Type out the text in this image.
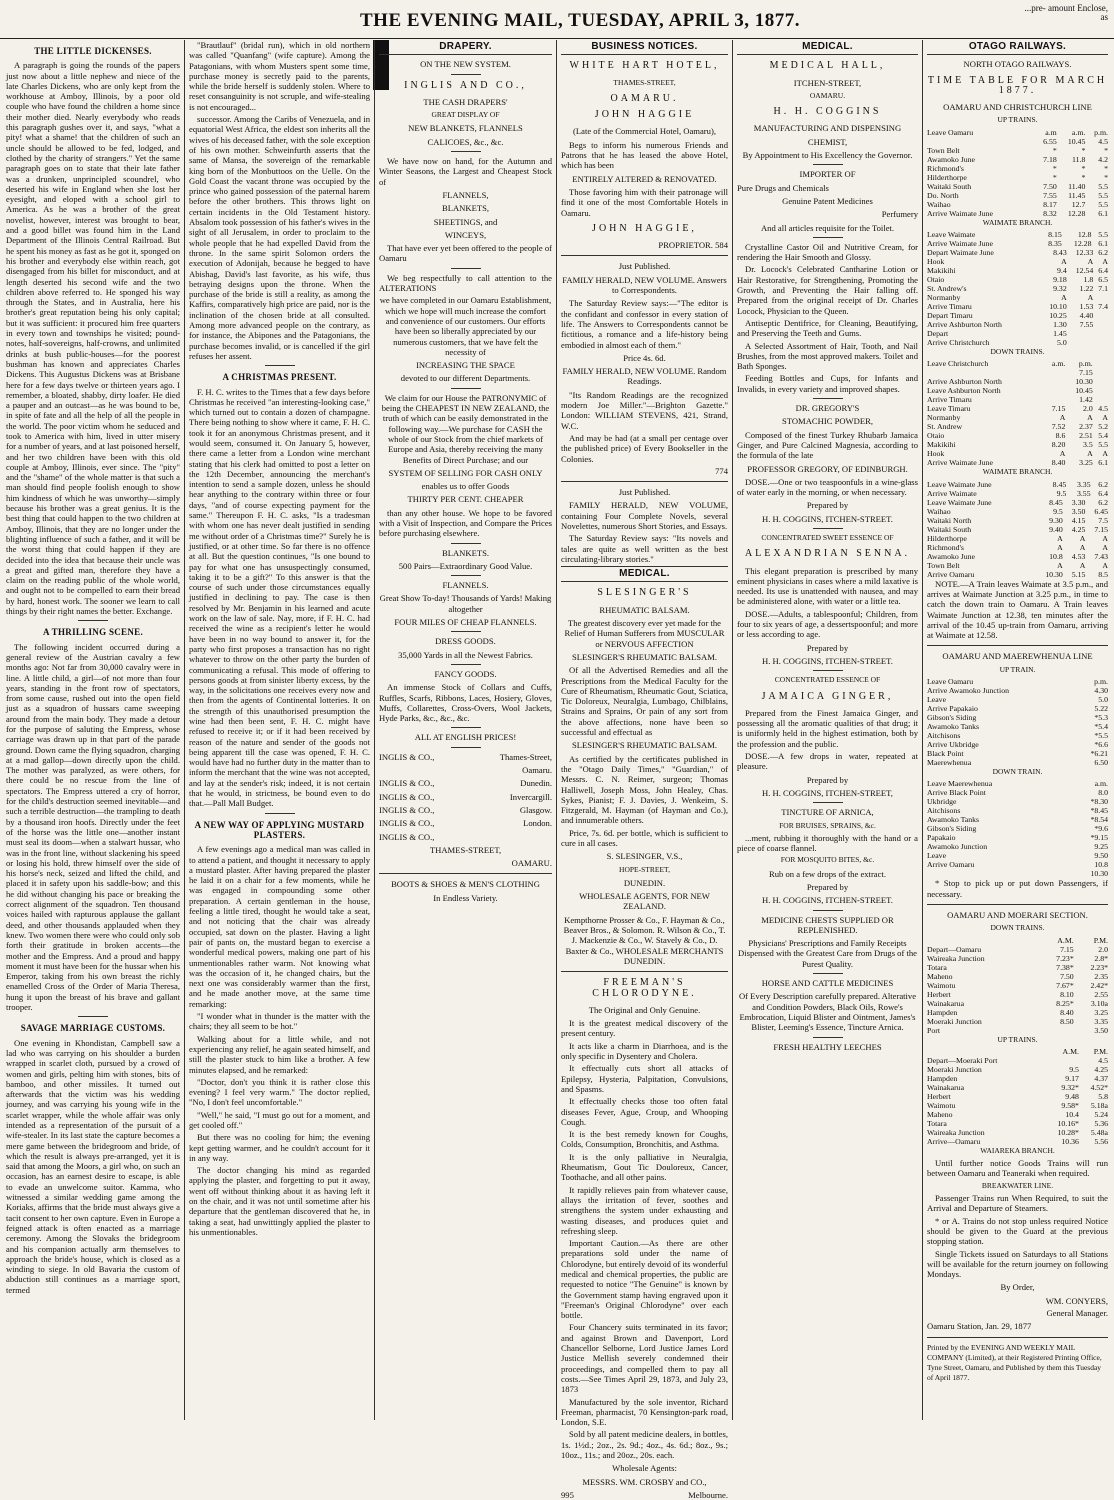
THE EVENING MAIL, TUESDAY, APRIL 3, 1877.
...pre- amount Enclose, as
THE LITTLE DICKENSES.

A paragraph is going the rounds of the papers just now about a little nephew and niece of the late Charles Dickens, who are only kept from the workhouse at Amboy, Illinois, by a poor old couple who have found the children a home since their mother died. Nearly everybody who reads this paragraph gushes over it, and says, "what a pity! what a shame! that the children of such an uncle should be allowed to be fed, lodged, and clothed by the charity of strangers." Yet the same paragraph goes on to state that their late father was a drunken, unprincipled scoundrel, who deserted his wife in England when she lost her eyesight, and eloped with a school girl to America. As he was a brother of the great novelist, however, interest was brought to bear, and a good billet was found him in the Land Department of the Illinois Central Railroad. But he spent his money as fast as he got it, sponged on his brother and everybody else within reach, got disengaged from his billet for misconduct, and at length deserted his second wife and the two children above referred to. He sponged his way through the States, and in Australia, here his brother's great reputation being his only capital; but it was sufficient: it procured him free quarters in every town and townships he visited; pound-notes, half-sovereigns, half-crowns, and unlimited drinks at bush public-houses—for the poorest bushman has known and appreciates Charles Dickens. This Augustus Dickens was at Brisbane here for a few days twelve or thirteen years ago. I remember, a bloated, shabby, dirty loafer. He died a pauper and an outcast—as he was bound to be, in spite of fate and all the help of all the people in the world. The poor victim whom he seduced and took to America with him, lived in utter misery for a number of years, and at last poisoned herself, and her two children have been with this old couple at Amboy, Illinois, ever since. The "pity" and the "shame" of the whole matter is that such a man should find people foolish enough to show him kindness of which he was unworthy—simply because his brother was a great genius. It is the best thing that could happen to the two children at Amboy, Illinois, that they are no longer under the blighting influence of such a father, and it will be the worst thing that could happen if they are decided into the idea that because their uncle was a great and gifted man, therefore they have a claim on the reading public of the whole world, and ought not to be compelled to earn their bread by hard, honest work. The sooner we learn to call things by their right names the better. Exchange.

A THRILLING SCENE.

The following incident occurred during a general review of the Austrian cavalry a few months ago: Not far from 30,000 cavalry were in line. A little child, a girl—of not more than four years, standing in the front row of spectators, from some cause, rushed out into the open field just as a squadron of hussars came sweeping around from the main body. They made a detour for the purpose of saluting the Empress, whose carriage was drawn up in that part of the parade ground. Down came the flying squadron, charging at a mad gallop—down directly upon the child. The mother was paralyzed, as were others, for there could be no rescue from the line of spectators. The Empress uttered a cry of horror, for the child's destruction seemed inevitable—and such a terrible destruction—the trampling to death by a thousand iron hoofs. Directly under the feet of the horse was the little one—another instant must seal its doom—when a stalwart hussar, who was in the front line, without slackening his speed or losing his hold, threw himself over the side of his horse's neck, seized and lifted the child, and placed it in safety upon his saddle-bow; and this he did without changing his pace or breaking the correct alignment of the squadron. Ten thousand voices hailed with rapturous applause the gallant deed, and other thousands applauded when they knew. Two women there were who could only sob forth their gratitude in broken accents—the mother and the Empress. And a proud and happy moment it must have been for the hussar when his Emperor, taking from his own breast the richly enamelled Cross of the Order of Maria Theresa, hung it upon the breast of his brave and gallant trooper.

SAVAGE MARRIAGE CUSTOMS.

One evening in Khondistan, Campbell saw a lad who was carrying on his shoulder a burden wrapped in scarlet cloth, pursued by a crowd of women and girls, pelting him with stones, bits of bamboo, and other missiles. It turned out afterwards that the victim was his wedding journey, and was carrying his young wife in the scarlet wrapper, while the whole affair was only intended as a representation of the pursuit of a wife-stealer. In its last state the capture becomes a mere game between the bridegroom and bride, of which the result is always pre-arranged, yet it is said that among the Moors, a girl who, on such an occasion, has an earnest desire to escape, is able to evade an unwelcome suitor. Kamma, who witnessed a similar wedding game among the Koriaks, affirms that the bride must always give a tacit consent to her own capture. Even in Europe a feigned attack is often enacted as a marriage ceremony. Among the Slovaks the bridegroom and his companion actually arm themselves to approach the bride's house, which is closed as a winding to siege. In old Bavaria the custom of abduction still continues as a marriage sport, termed

"Brautlauf" (bridal run), which in old northern was called "Quanfang" (wife capture). Among the Patagonians, with whom Musters spent some time, purchase money is secretly paid to the parents, while the bride herself is suddenly stolen. Where to reset consanguinity is not scruple, and wife-stealing is not encouraged...

successor. Among the Caribs of Venezuela, and in equatorial West Africa, the eldest son inherits all the wives of his deceased father, with the sole exception of his own mother. Schweinfurth asserts that the same of Mansa, the sovereign of the remarkable king born of the Monbuttoos on the Uelle. On the Gold Coast the vacant throne was occupied by the prince who gained possession of the paternal harem before the other brothers. This throws light on certain incidents in the Old Testament history. Absalom took possession of his father's wives in the sight of all Jerusalem, in order to proclaim to the whole people that he had expelled David from the throne. In the same spirit Solomon orders the execution of Adonijah, because he begged to have Abishag, David's last favorite, as his wife, thus betraying designs upon the throne. When the purchase of the bride is still a reality, as among the Kaffirs, comparatively high price are paid, nor is the inclination of the chosen bride at all consulted. Among more advanced people on the contrary, as for instance, the Abipones and the Patagonians, the purchase becomes invalid, or is cancelled if the girl refuses her assent.

A CHRISTMAS PRESENT.

F. H. C. writes to the Times that a few days before Christmas he received "an interesting-looking case," which turned out to contain a dozen of champagne. There being nothing to show where it came, F. H. C. took it for an anonymous Christmas present, and it would seem, consumed it. On January 5, however, there came a letter from a London wine merchant stating that his clerk had omitted to post a letter on the 12th December, announcing the merchant's intention to send a sample dozen, unless he should hear anything to the contrary within three or four days, "and of course expecting payment for the same." Thereupon F. H. C. asks, "Is a tradesman with whom one has never dealt justified in sending me without order of a Christmas time?" Surely he is justified, or at other time. So far there is no offence at all. But the question continues, "Is one bound to pay for what one has unsuspectingly consumed, taking it to be a gift?" To this answer is that the course of such under those circumstances equally justified in declining to pay. The case is then resolved by Mr. Benjamin in his learned and acute work on the law of sale. Nay, more, if F. H. C. had received the wine as a recipient's letter he would have been in no way bound to answer it, for the party who first proposes a transaction has no right whatever to throw on the other party the burden of communicating a refusal. This mode of offering to persons goods at from sinister liberty excess, by the way, in the solicitations one receives every now and then from the agents of Continental lotteries. It on the strength of this unauthorised presumption the wine had then been sent, F. H. C. might have refused to receive it; or if it had been received by reason of the nature and sender of the goods not being apparent till the case was opened, F. H. C. would have had no further duty in the matter than to inform the merchant that the wine was not accepted, and lay at the sender's risk; indeed, it is not certain that he would, in strictness, be bound even to do that.—Pall Mall Budget.

A NEW WAY OF APPLYING MUSTARD PLASTERS.

A few evenings ago a medical man was called in to attend a patient, and thought it necessary to apply a mustard plaster. After having prepared the plaster he laid it on a chair for a few moments, while he was engaged in compounding some other preparation. A certain gentleman in the house, feeling a little tired, thought he would take a seat, and not noticing that the chair was already occupied, sat down on the plaster. Having a light pair of pants on, the mustard began to exercise a wonderful medical powers, making one part of his unmentionables rather warm. Not knowing what was the occasion of it, he changed chairs, but the next one was considerably warmer than the first, and he made another move, at the same time remarking:

"I wonder what in thunder is the matter with the chairs; they all seem to be hot."

Walking about for a little while, and not experiencing any relief, he again seated himself, and still the plaster stuck to him like a brother. A few minutes elapsed, and he remarked:

"Doctor, don't you think it is rather close this evening? I feel very warm." The doctor replied, "No, I don't feel uncomfortable."

"Well," he said, "I must go out for a moment, and get cooled off."

But there was no cooling for him; the evening kept getting warmer, and he couldn't account for it in any way.

The doctor changing his mind as regarded applying the plaster, and forgetting to put it away, went off without thinking about it as having left it on the chair, and it was not until sometime after his departure that the gentleman discovered that he, in taking a seat, had unwittingly applied the plaster to his unmentionables.

DRAPERY.

ON THE NEW SYSTEM.

INGLIS AND CO.,

THE CASH DRAPERS'

GREAT DISPLAY OF

NEW BLANKETS, FLANNELS

CALICOES, &c., &c.

We have now on hand, for the Autumn and Winter Seasons, the Largest and Cheapest Stock of

FLANNELS,

BLANKETS,

SHEETINGS, and

WINCEYS,

That have ever yet been offered to the people of Oamaru

We beg respectfully to call attention to the ALTERATIONS

we have completed in our Oamaru Establishment, which we hope will much increase the comfort and convenience of our customers. Our efforts have been so liberally appreciated by our numerous customers, that we have felt the necessity of

INCREASING THE SPACE

devoted to our different Departments.

We claim for our House the PATRONYMIC of being the CHEAPEST IN NEW ZEALAND, the truth of which can be easily demonstrated in the following way.—We purchase for CASH the whole of our Stock from the chief markets of Europe and Asia, thereby receiving the many Benefits of Direct Purchase; and our

SYSTEM OF SELLING FOR CASH ONLY

enables us to offer Goods

THIRTY PER CENT. CHEAPER

than any other house. We hope to be favored with a Visit of Inspection, and Compare the Prices before purchasing elsewhere.

BLANKETS.

500 Pairs—Extraordinary Good Value.

FLANNELS.

Great Show To-day! Thousands of Yards! Making altogether

FOUR MILES OF CHEAP FLANNELS.

DRESS GOODS.

35,000 Yards in all the Newest Fabrics.

FANCY GOODS.

An immense Stock of Collars and Cuffs, Ruffles, Scarfs, Ribbons, Laces, Hosiery, Gloves, Muffs, Collarettes, Cross-Overs, Wool Jackets, Hyde Parks, &c., &c., &c.

ALL AT ENGLISH PRICES!

INGLIS & CO.,	Thames-Street,

Oamaru.

INGLIS & CO.,	Dunedin.

INGLIS & CO.,	Invercargill.

INGLIS & CO.,	Glasgow.

INGLIS & CO.,	London.

INGLIS & CO.,

THAMES-STREET,

OAMARU.

BOOTS & SHOES & MEN'S CLOTHING

In Endless Variety.

BUSINESS NOTICES.

WHITE HART HOTEL,

THAMES-STREET,

OAMARU.

JOHN HAGGIE

(Late of the Commercial Hotel, Oamaru),

Begs to inform his numerous Friends and Patrons that he has leased the above Hotel, which has been

ENTIRELY ALTERED & RENOVATED.

Those favoring him with their patronage will find it one of the most Comfortable Hotels in Oamaru.

JOHN HAGGIE,

PROPRIETOR. 584

Just Published.

FAMILY HERALD, NEW VOLUME. Answers to Correspondents.

The Saturday Review says:—"The editor is the confidant and confessor in every station of life. The Answers to Correspondents cannot be fictitious, a romance and a life-history being embodied in almost each of them."

Price 4s. 6d.

FAMILY HERALD, NEW VOLUME. Random Readings.

"Its Random Readings are the recognized modern Joe Miller."—Brighton Gazette." London: WILLIAM STEVENS, 421, Strand, W.C.

And may be had (at a small per centage over the published price) of Every Bookseller in the Colonies.

774

Just Published.

FAMILY HERALD, NEW VOLUME, containing Four Complete Novels, several Novelettes, numerous Short Stories, and Essays.

The Saturday Review says: "Its novels and tales are quite as well written as the best circulating-library stories."

MEDICAL.

SLESINGER'S

RHEUMATIC BALSAM.

The greatest discovery ever yet made for the Relief of Human Sufferers from MUSCULAR or NERVOUS AFFECTION

SLESINGER'S RHEUMATIC BALSAM.

Of all the Advertised Remedies and all the Prescriptions from the Medical Faculty for the Cure of Rheumatism, Rheumatic Gout, Sciatica, Tic Doloreux, Neuralgia, Lumbago, Chilblains, Strains and Sprains, Or pain of any sort from the above affections, none have been so successful and effectual as

SLESINGER'S RHEUMATIC BALSAM.

As certified by the certificates published in the "Otago Daily Times," "Guardian," of Messrs. C. N. Reimer, surgeon; Thomas Halliwell, Joseph Moss, John Healey, Chas. Sykes, Pianist; F. J. Davies, J. Wenkeim, S. Fitzgerald, M. Hayman (of Hayman and Co.), and innumerable others.

Price, 7s. 6d. per bottle, which is sufficient to cure in all cases.

S. SLESINGER, V.S.,

HOPE-STREET,

DUNEDIN.

WHOLESALE AGENTS, FOR NEW ZEALAND.

Kempthorne Prosser & Co., F. Hayman & Co., Beaver Bros., & Solomon. R. Wilson & Co., T. J. Mackenzie & Co., W. Stavely & Co., D. Baxter & Co., WHOLESALE MERCHANTS DUNEDIN.

FREEMAN'S CHLORODYNE.

The Original and Only Genuine.

It is the greatest medical discovery of the present century.

It acts like a charm in Diarrhoea, and is the only specific in Dysentery and Cholera.

It effectually cuts short all attacks of Epilepsy, Hysteria, Palpitation, Convulsions, and Spasms.

It effectually checks those too often fatal diseases Fever, Ague, Croup, and Whooping Cough.

It is the best remedy known for Coughs, Colds, Consumption, Bronchitis, and Asthma.

It is the only palliative in Neuralgia, Rheumatism, Gout Tic Douloreux, Cancer, Toothache, and all other pains.

It rapidly relieves pain from whatever cause, allays the irritation of fever, soothes and strengthens the system under exhausting and wasting diseases, and produces quiet and refreshing sleep.

Important Caution.—As there are other preparations sold under the name of Chlorodyne, but entirely devoid of its wonderful medical and chemical properties, the public are requested to notice "The Genuine" is known by the Government stamp having engraved upon it "Freeman's Original Chlorodyne" over each bottle.

Four Chancery suits terminated in its favor; and against Brown and Davenport, Lord Chancellor Selborne, Lord Justice James Lord Justice Mellish severely condemned their proceedings, and compelled them to pay all costs.—See Times April 29, 1873, and July 23, 1873

Manufactured by the sole inventor, Richard Freeman, pharmacist, 70 Kensington-park road, London, S.E.

Sold by all patent medicine dealers, in bottles, 1s. 1½d.; 2oz., 2s. 9d.; 4oz., 4s. 6d.; 8oz., 9s.; 10oz., 11s.; and 20oz., 20s. each.

Wholesale Agents:

MESSRS. WM. CROSBY and CO.,

995	Melbourne.

MEDICAL.

MEDICAL HALL,

ITCHEN-STREET,

OAMARU.

H. H. COGGINS

MANUFACTURING AND DISPENSING

CHEMIST,

By Appointment to His Excellency the Governor.

IMPORTER OF

Pure Drugs and Chemicals

Genuine Patent Medicines

Perfumery

And all articles requisite for the Toilet.

Crystalline Castor Oil and Nutritive Cream, for rendering the Hair Smooth and Glossy.

Dr. Locock's Celebrated Cantharine Lotion or Hair Restorative, for Strengthening, Promoting the Growth, and Preventing the Hair falling off. Prepared from the original receipt of Dr. Charles Locock, Physician to the Queen.

Antiseptic Dentifrice, for Cleaning, Beautifying, and Preserving the Teeth and Gums.

A Selected Assortment of Hair, Tooth, and Nail Brushes, from the most approved makers. Toilet and Bath Sponges.

Feeding Bottles and Cups, for Infants and Invalids, in every variety and improved shapes.

DR. GREGORY'S

STOMACHIC POWDER,

Composed of the finest Turkey Rhubarb Jamaica Ginger, and Pure Calcined Magnesia, according to the formula of the late

PROFESSOR GREGORY, OF EDINBURGH.

DOSE.—One or two teaspoonfuls in a wine-glass of water early in the morning, or when necessary.

Prepared by

H. H. COGGINS, ITCHEN-STREET.

CONCENTRATED SWEET ESSENCE OF

ALEXANDRIAN SENNA.

This elegant preparation is prescribed by many eminent physicians in cases where a mild laxative is needed. Its use is unattended with nausea, and may be administered alone, with water or a little tea.

DOSE.—Adults, a tablespoonful; Children, from four to six years of age, a dessertspoonful; and more or less according to age.

Prepared by

H. H. COGGINS, ITCHEN-STREET.

CONCENTRATED ESSENCE OF

JAMAICA GINGER,

Prepared from the Finest Jamaica Ginger, and possessing all the aromatic qualities of that drug; it is uniformly held in the highest estimation, both by the profession and the public.

DOSE.—A few drops in water, repeated at pleasure.

Prepared by

H. H. COGGINS, ITCHEN-STREET,

TINCTURE OF ARNICA,

FOR BRUISES, SPRAINS, &c.

...ment, rubbing it thoroughly with the hand or a piece of coarse flannel.

FOR MOSQUITO BITES, &c.

Rub on a few drops of the extract.

Prepared by

H. H. COGGINS, ITCHEN-STREET.

MEDICINE CHESTS SUPPLIED OR REPLENISHED.

Physicians' Prescriptions and Family Receipts Dispensed with the Greatest Care from Drugs of the Purest Quality.

HORSE AND CATTLE MEDICINES

Of Every Description carefully prepared. Alterative and Condition Powders, Black Oils, Rowe's Embrocation, Liquid Blister and Ointment, James's Blister, Leeming's Essence, Tincture Arnica.

FRESH HEALTHY LEECHES

OTAGO RAILWAYS.

NORTH OTAGO RAILWAYS.

TIME TABLE FOR MARCH 1877.

OAMARU AND CHRISTCHURCH LINE

UP TRAINS.

Leave Oamaru	a.m	a.m.	p.m.
	6.55	10.45	4.5
Town Belt	*	*	*
Awamoko June	7.18	11.8	4.2
Richmond's	*	*	*
Hilderthorpe	*	*	*
Waitaki South	7.50	11.40	5.5
Do. North	7.55	11.45	5.5
Waihao	8.17	12.7	5.5
Arrive Waimate June	8.32	12.28	6.1

WAIMATE BRANCH.

Leave Waimate	8.15	12.8	5.5
Arrive Waimate June	8.35	12.28	6.1
Depart Waimate June	8.43	12.33	6.2
Hook	A	A	A
Makikihi	9.4	12.54	6.4
Otaio	9.18	1.8	6.5
St. Andrew's	9.32	1.22	7.1
Normanby	A	A	
Arrive Timaru	10.10	1.53	7.4
Depart Timaru	10.25	4.40	
Arrive Ashburton North	1.30	7.55	
Depart	1.45		
Arrive Christchurch	5.0		

DOWN TRAINS.

Leave Christchurch	a.m.	p.m.	
		7.15	
Arrive Ashburton North		10.30	
Leave Ashburton North		10.45	
Arrive Timaru		1.42	
Leave Timaru	7.15	2.0	4.5
Normanby	A	A	A
St. Andrew	7.52	2.37	5.2
Otaio	8.6	2.51	5.4
Makikihi	8.20	3.5	5.5
Hook	A	A	A
Arrive Waimate June	8.40	3.25	6.1

WAIMATE BRANCH.

Leave Waimate June	8.45	3.35	6.2
Arrive Waimate	9.5	3.55	6.4
Leave Waimate June	8.45	3.30	6.2
Waihao	9.5	3.50	6.45
Waitaki North	9.30	4.15	7.5
Waitaki South	9.40	4.25	7.15
Hilderthorpe	A	A	A
Richmond's	A	A	A
Awamoko June	10.8	4.53	7.43
Town Belt	A	A	A
Arrive Oamaru	10.30	5.15	8.5

NOTE.—A Train leaves Waimate at 3.5 p.m., and arrives at Waimate Junction at 3.25 p.m., in time to catch the down train to Oamaru. A Train leaves Waimate Junction at 12.38, ten minutes after the arrival of the 10.45 up-train from Oamaru, arriving at Waimate at 12.58.

OAMARU AND MAEREWHENUA LINE

UP TRAIN.

Leave Oamaru		p.m.
Arrive Awamoko Junction		4.30
Leave		5.0
Arrive Papakaio		5.22
Gibson's Siding		*5.3
Awamoko Tanks		*5.4
Aitchisons		*5.5
Arrive Ukbridge		*6.6
Black Point		*6.21
Maerewhenua		6.50

DOWN TRAIN.

Leave Maerewhenua		a.m.
Arrive Black Point		8.0
Ukbridge		*8.30
Aitchisons		*8.45
Awamoko Tanks		*8.54
Gibson's Siding		*9.6
Papakaio		*9.15
Awamoko Junction		9.25
Leave		9.50
Arrive Oamaru		10.8
		10.30

* Stop to pick up or put down Passengers, if necessary.

OAMARU AND MOERARI SECTION.

DOWN TRAINS.

	A.M.	P.M.
Depart—Oamaru	7.15	2.0
Waireaka Junction	7.23*	2.8*
Totara	7.38*	2.23*
Maheno	7.50	2.35
Waimotu	7.67*	2.42*
Herbert	8.10	2.55
Wainakarua	8.25*	3.10a
Hampden	8.40	3.25
Moeraki Junction	8.50	3.35
Port		3.50

UP TRAINS.

	A.M.	P.M.
Depart—Moeraki Port		4.5
Moeraki Junction	9.5	4.25
Hampden	9.17	4.37
Wainakarua	9.32*	4.52*
Herbert	9.48	5.8
Waimotu	9.58*	5.18a
Maheno	10.4	5.24
Totara	10.16*	5.36
Waireaka Junction	10.28*	5.48a
Arrive—Oamaru	10.36	5.56

WAIAREKA BRANCH.

Until further notice Goods Trains will run between Oamaru and Teaneraki when required.

BREAKWATER LINE.

Passenger Trains run When Required, to suit the Arrival and Departure of Steamers.

* or A. Trains do not stop unless required Notice should be given to the Guard at the previous stopping station.

Single Tickets issued on Saturdays to all Stations will be available for the return journey on following Mondays.

By Order,

WM. CONYERS,

General Manager.

Oamaru Station, Jan. 29, 1877

Printed by the EVENING AND WEEKLY MAIL COMPANY (Limited), at their Registered Printing Office, Tyne Street, Oamaru, and Published by them this Tuesday of April 1877.
